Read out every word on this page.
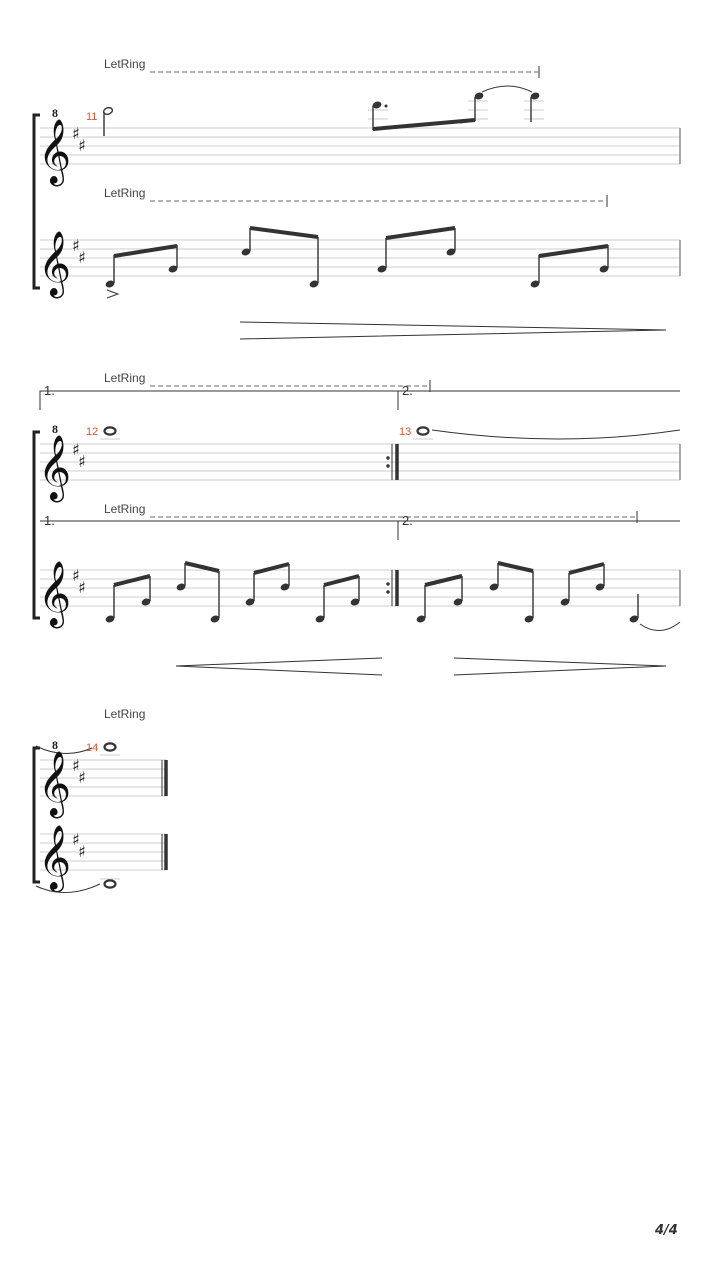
LetRing
8
𝄞 ♯
♯
11
LetRing
𝄞 ♯
♯
LetRing
1.	2.
8
𝄞 ♯
♯
12	13
LetRing
1.	2.
𝄞 ♯
♯
LetRing
8
𝄞 ♯
♯
14
𝄞 ♯
♯
4/4
